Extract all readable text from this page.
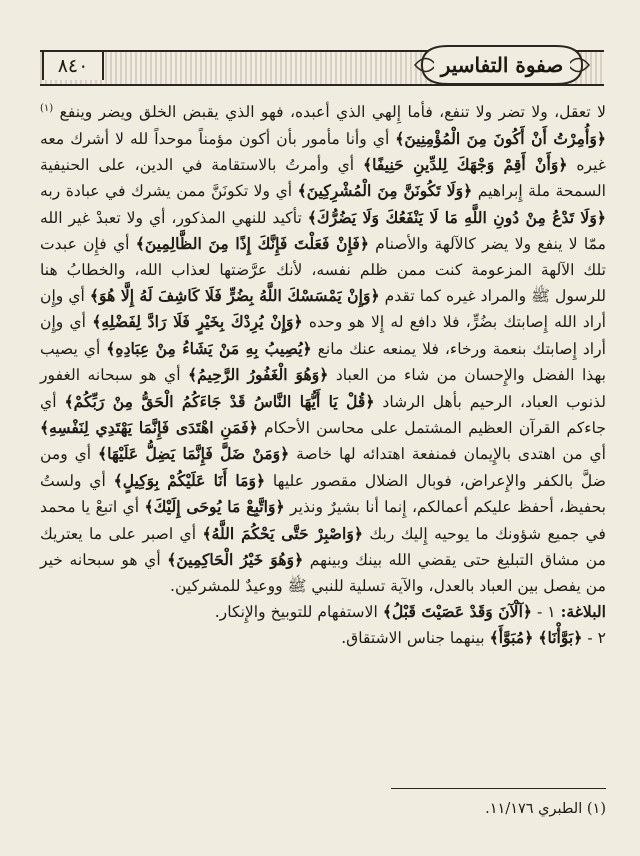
٨٤٠	صفوة التفاسير

لا تعقل، ولا تضر ولا تنفع، فأما إِلهي الذي أعبده، فهو الذي يقبض الخلق ويضر وينفع $^{(١)}$ ﴿وَأُمِرْتُ أَنْ أَكُونَ مِنَ الْمُؤْمِنِينَ﴾ أي وأنا مأمور بأن أكون مؤمناً موحداً لله لا أشرك معه غيره ﴿وَأَنْ أَقِمْ وَجْهَكَ لِلدِّينِ حَنِيفًا﴾ أي وأمرتُ بالاستقامة في الدين، على الحنيفية السمحة ملة إِبراهيم ﴿وَلَا تَكُونَنَّ مِنَ الْمُشْرِكِينَ﴾ أي ولا تكونَنَّ ممن يشرك في عبادة ربه ﴿وَلَا تَدْعُ مِنْ دُونِ اللَّهِ مَا لَا يَنْفَعُكَ وَلَا يَضُرُّكَ﴾ تأكيد للنهي المذكور، أي ولا تعبدْ غير الله ممّا لا ينفع ولا يضر كالآلهة والأصنام ﴿فَإِنْ فَعَلْتَ فَإِنَّكَ إِذًا مِنَ الظَّالِمِينَ﴾ أي فإِن عبدت تلك الآلهة المزعومة كنت ممن ظلم نفسه، لأنك عرَّضتها لعذاب الله، والخطابُ هنا للرسول ﷺ والمراد غيره كما تقدم ﴿وَإِنْ يَمْسَسْكَ اللَّهُ بِضُرٍّ فَلَا كَاشِفَ لَهُ إِلَّا هُوَ﴾ أي وإِن أراد الله إِصابتك بضُرٍّ، فلا دافع له إِلا هو وحده ﴿وَإِنْ يُرِدْكَ بِخَيْرٍ فَلَا رَادَّ لِفَضْلِهِ﴾ أي وإِن أراد إِصابتك بنعمة ورخاء، فلا يمنعه عنك مانع ﴿يُصِيبُ بِهِ مَنْ يَشَاءُ مِنْ عِبَادِهِ﴾ أي يصيب بهذا الفضل والإِحسان من شاء من العباد ﴿وَهُوَ الْغَفُورُ الرَّحِيمُ﴾ أي هو سبحانه الغفور لذنوب العباد، الرحيم بأهل الرشاد ﴿قُلْ يَا أَيُّهَا النَّاسُ قَدْ جَاءَكُمُ الْحَقُّ مِنْ رَبِّكُمْ﴾ أي جاءكم القرآن العظيم المشتمل على محاسن الأحكام ﴿فَمَنِ اهْتَدَى فَإِنَّمَا يَهْتَدِي لِنَفْسِهِ﴾ أي من اهتدى بالإِيمان فمنفعة اهتدائه لها خاصة ﴿وَمَنْ ضَلَّ فَإِنَّمَا يَضِلُّ عَلَيْهَا﴾ أي ومن ضلَّ بالكفر والإِعراض، فوبال الضلال مقصور عليها ﴿وَمَا أَنَا عَلَيْكُمْ بِوَكِيلٍ﴾ أي ولستُ بحفيظ، أحفظ عليكم أعمالكم، إِنما أنا بشيرٌ ونذير ﴿وَاتَّبِعْ مَا يُوحَى إِلَيْكَ﴾ أي اتبعْ يا محمد في جميع شؤونك ما يوحيه إِليك ربك ﴿وَاصْبِرْ حَتَّى يَحْكُمَ اللَّهُ﴾ أي اصبر على ما يعتريك من مشاق التبليغ حتى يقضي الله بينك وبينهم ﴿وَهُوَ خَيْرُ الْحَاكِمِينَ﴾ أي هو سبحانه خير من يفصل بين العباد بالعدل، والآية تسلية للنبي ﷺ ووعيدٌ للمشركين.

البلاغة: ١ - ﴿آلْآنَ وَقَدْ عَصَيْتَ قَبْلُ﴾ الاستفهام للتوبيخ والإِنكار.

٢ - ﴿بَوَّأْنَا﴾ ﴿مُبَوَّأَ﴾ بينهما جناس الاشتقاق.

(١) الطبري ١١/١٧٦.
